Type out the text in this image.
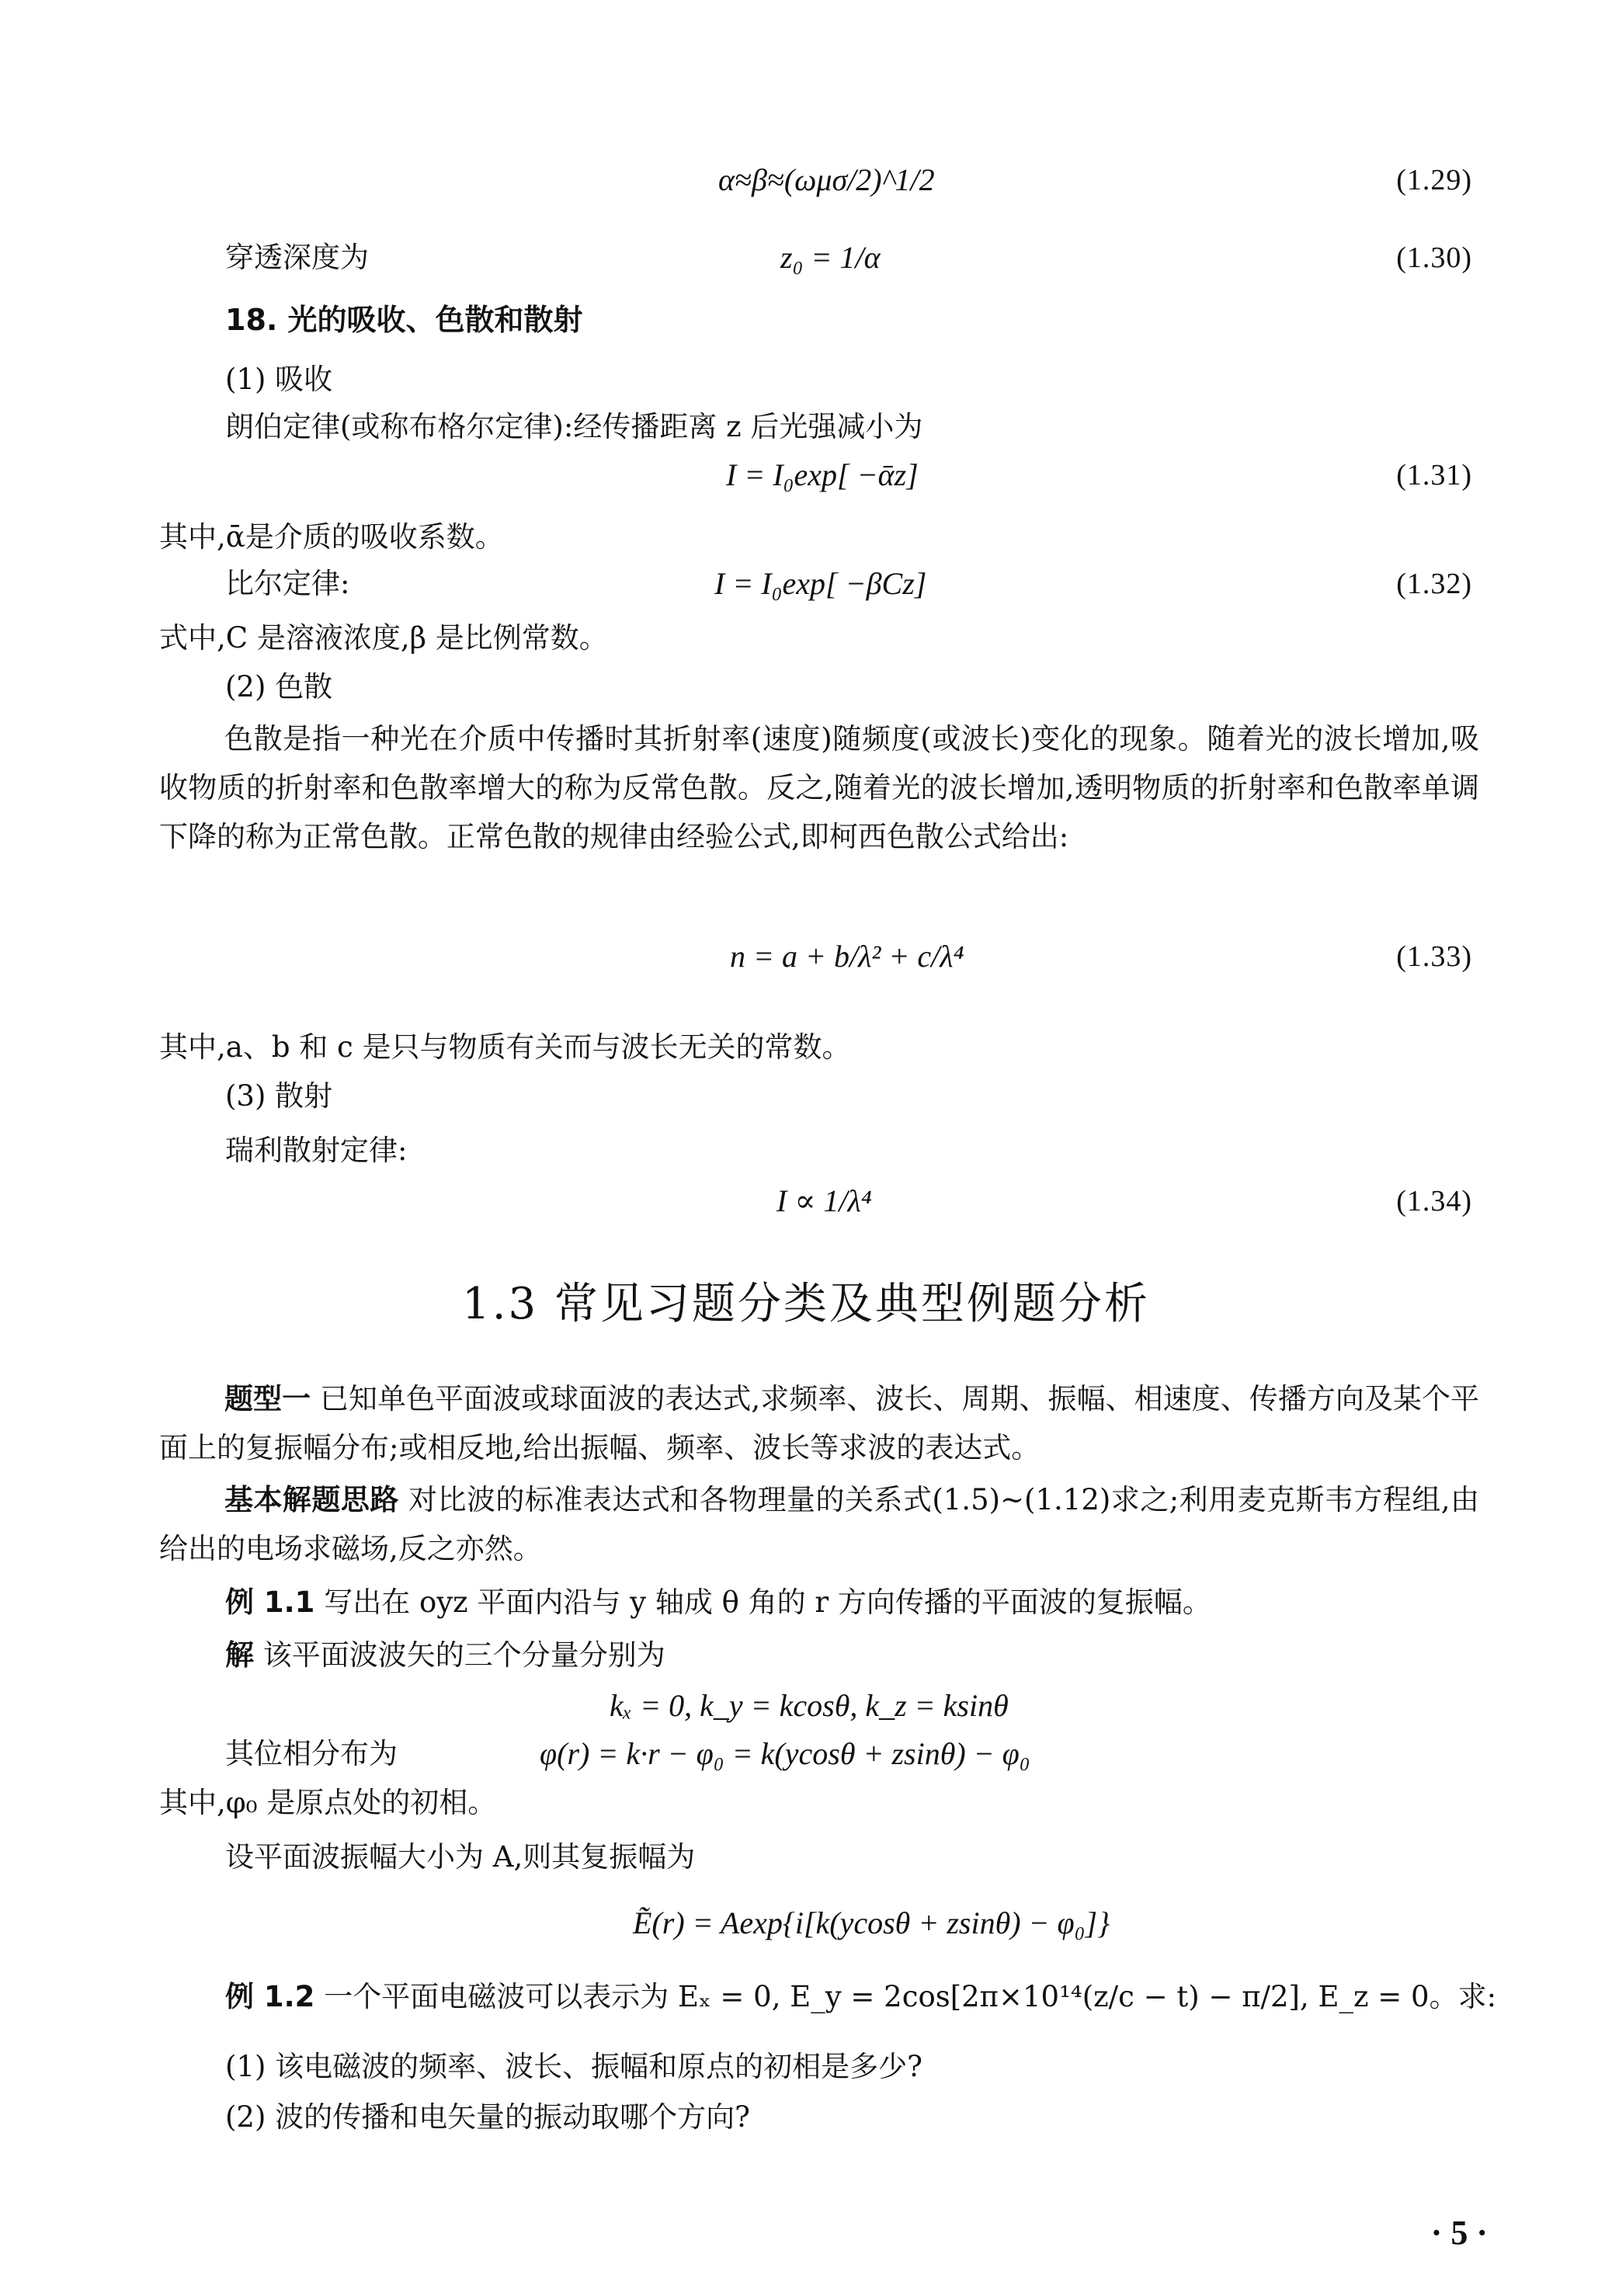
α≈β≈(ωμσ/2)^1/2	(1.29)
穿透深度为	z₀ = 1/α	(1.30)
18. 光的吸收、色散和散射
(1) 吸收
朗伯定律(或称布格尔定律):经传播距离 z 后光强减小为
I = I₀exp[ −ᾱz]	(1.31)
其中,ᾱ是介质的吸收系数。
比尔定律:	I = I₀exp[ −βCz]	(1.32)
式中,C 是溶液浓度,β 是比例常数。
(2) 色散
色散是指一种光在介质中传播时其折射率(速度)随频度(或波长)变化的现象。随着光的波长增加,吸收物质的折射率和色散率增大的称为反常色散。反之,随着光的波长增加,透明物质的折射率和色散率单调下降的称为正常色散。正常色散的规律由经验公式,即柯西色散公式给出:
n = a + b/λ² + c/λ⁴	(1.33)
其中,a、b 和 c 是只与物质有关而与波长无关的常数。
(3) 散射
瑞利散射定律:
I ∝ 1/λ⁴	(1.34)
1.3 常见习题分类及典型例题分析
题型一 已知单色平面波或球面波的表达式,求频率、波长、周期、振幅、相速度、传播方向及某个平面上的复振幅分布;或相反地,给出振幅、频率、波长等求波的表达式。
基本解题思路 对比波的标准表达式和各物理量的关系式(1.5)~(1.12)求之;利用麦克斯韦方程组,由给出的电场求磁场,反之亦然。
例 1.1 写出在 oyz 平面内沿与 y 轴成 θ 角的 r 方向传播的平面波的复振幅。
解 该平面波波矢的三个分量分别为
kₓ = 0, k_y = kcosθ, k_z = ksinθ
其位相分布为	φ(r) = k·r − φ₀ = k(ycosθ + zsinθ) − φ₀
其中,φ₀ 是原点处的初相。
设平面波振幅大小为 A,则其复振幅为
Ẽ(r) = Aexp{i[k(ycosθ + zsinθ) − φ₀]}
例 1.2 一个平面电磁波可以表示为 Eₓ = 0, E_y = 2cos[2π×10¹⁴(z/c − t) − π/2], E_z = 0。求:
(1) 该电磁波的频率、波长、振幅和原点的初相是多少?
(2) 波的传播和电矢量的振动取哪个方向?
· 5 ·
